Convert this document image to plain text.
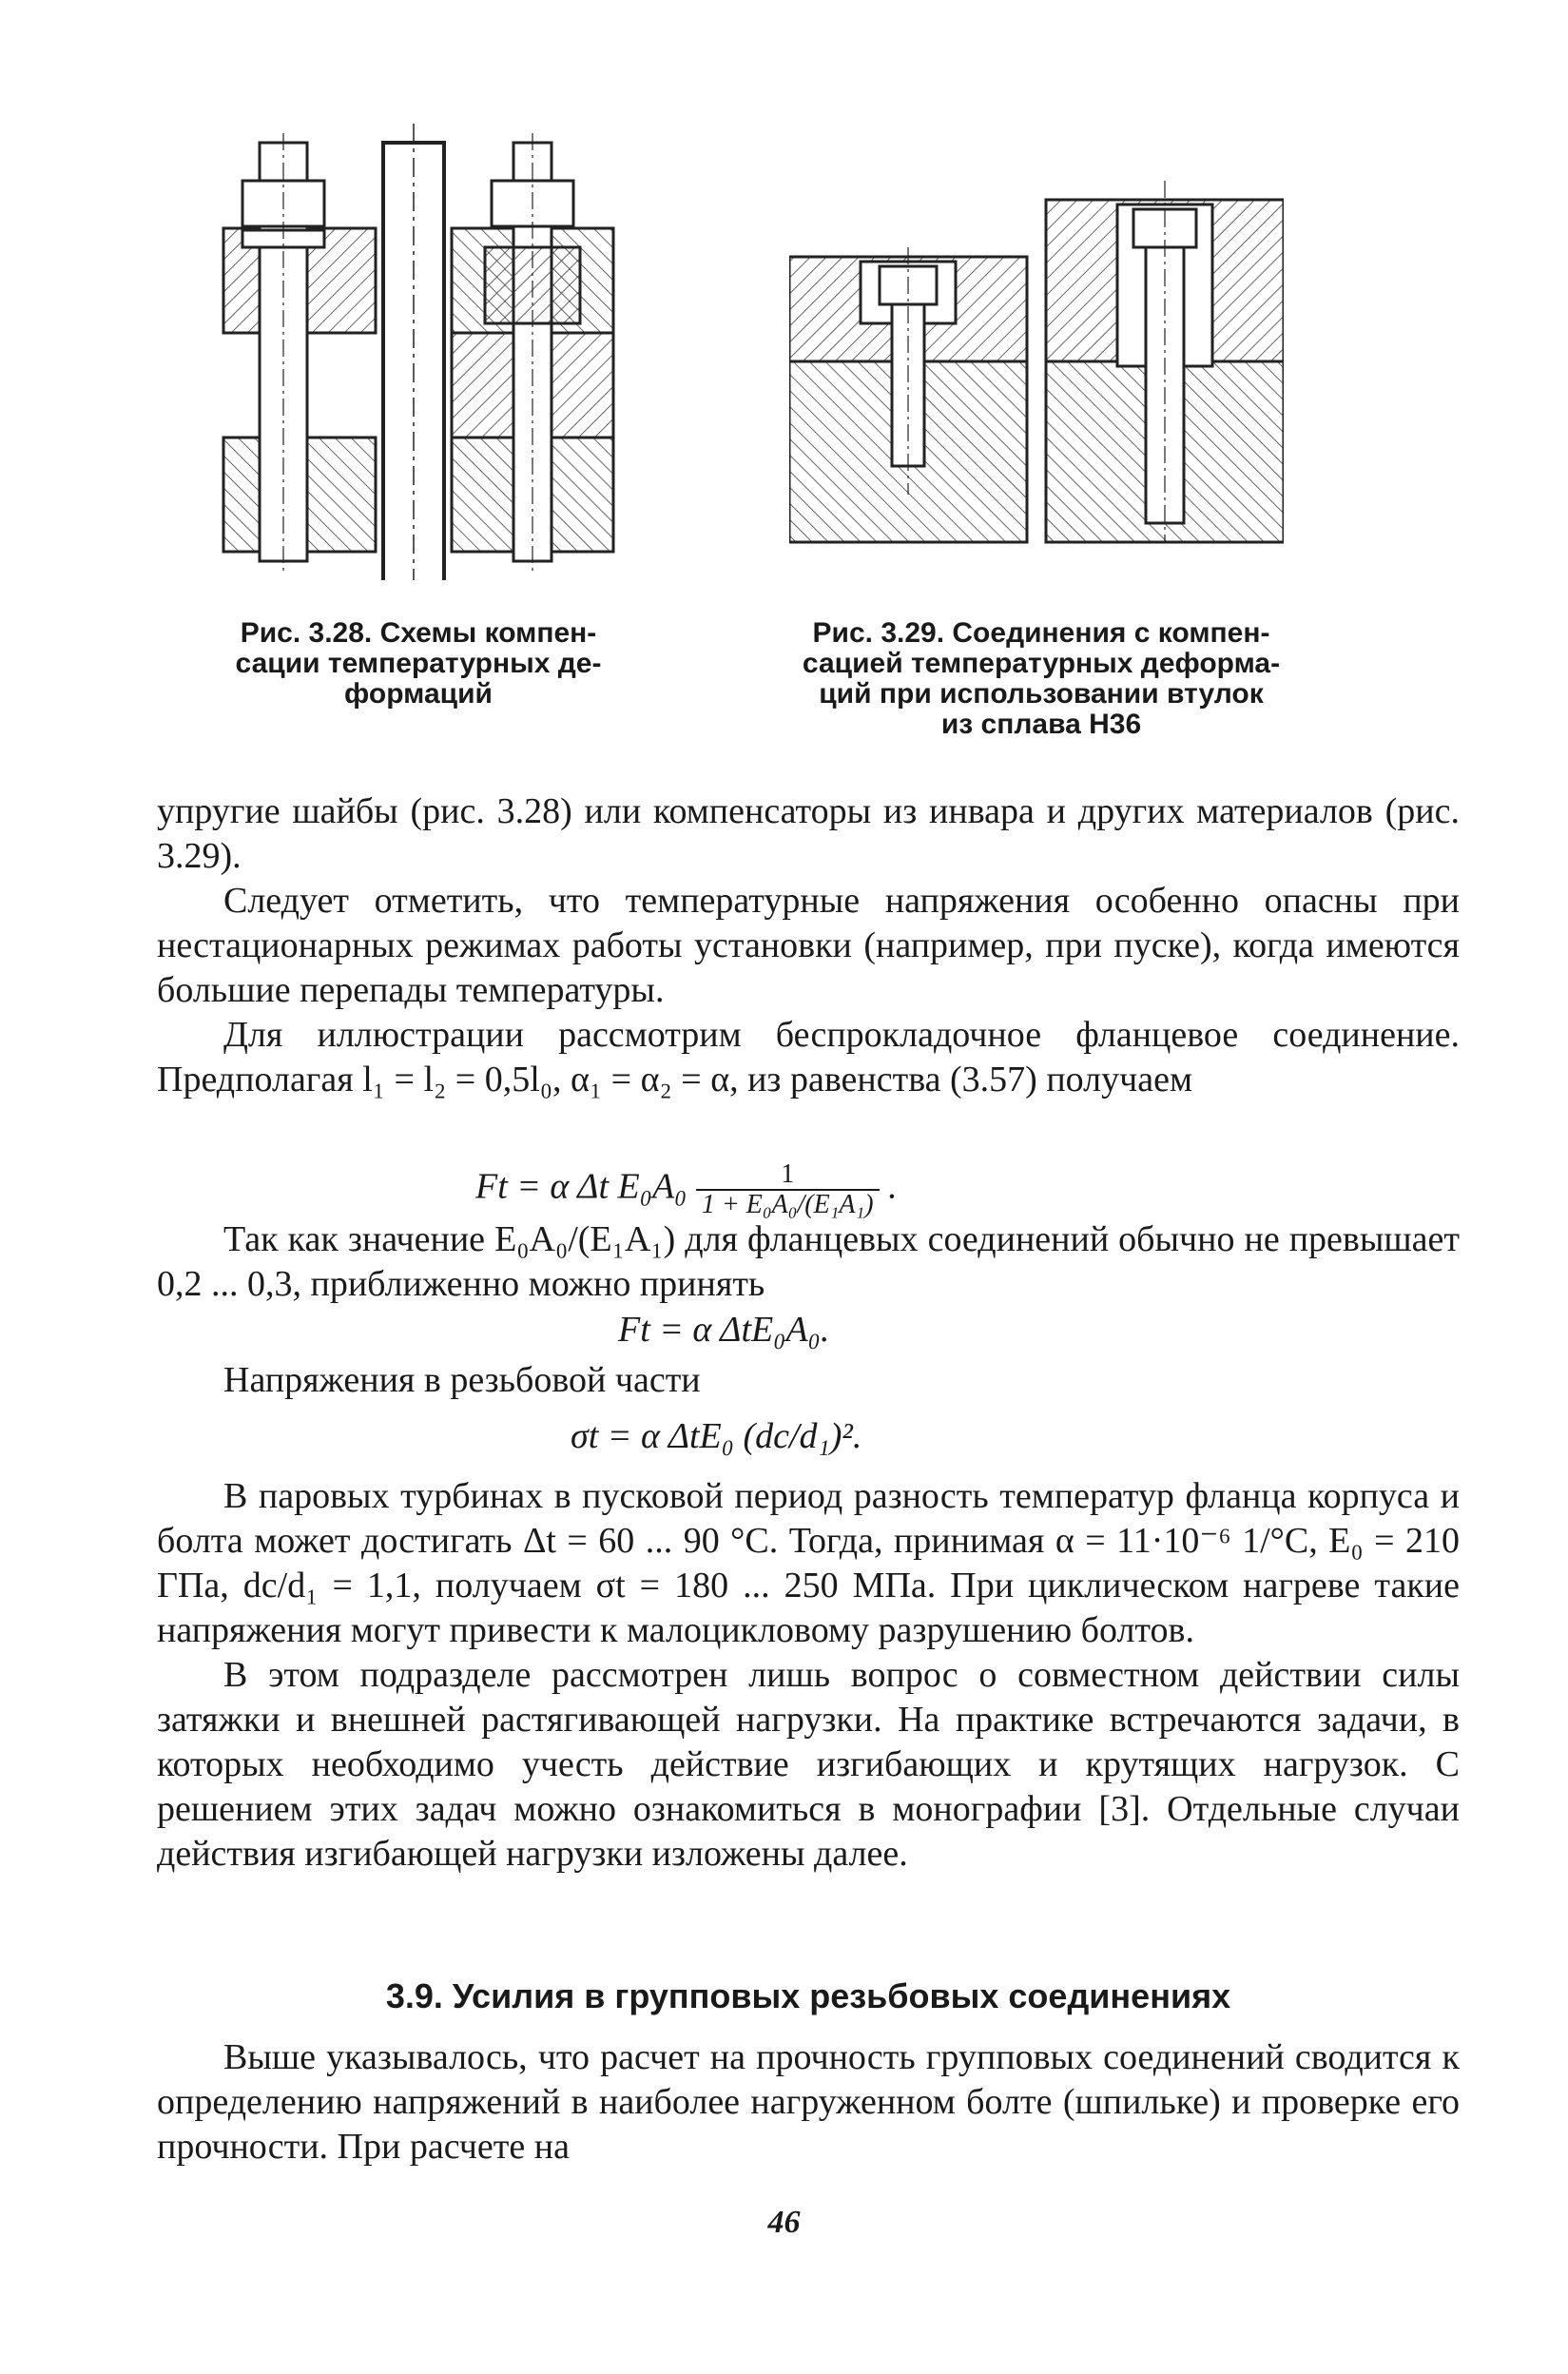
Рис. 3.28. Схемы компен-
сации температурных де-
формаций
Рис. 3.29. Соединения с компен-
сацией температурных деформа-
ций при использовании втулок
из сплава Н36

упругие шайбы (рис. 3.28) или компенсаторы из инвара и других материалов (рис. 3.29).

Следует отметить, что температурные напряжения особенно опасны при нестационарных режимах работы установки (например, при пуске), когда имеются большие перепады температуры.

Для иллюстрации рассмотрим беспрокладочное фланцевое соединение. Предполагая l₁ = l₂ = 0,5l₀, α₁ = α₂ = α, из равенства (3.57) получаем

Ft = α Δt $E_0A_0 \frac{1}{\text{1 + E₀A₀/(E₁A₁)}}$ .

Так как значение E₀A₀/(E₁A₁) для фланцевых соединений обычно не превышает 0,2 ... 0,3, приближенно можно принять

Ft = α ΔtE₀A₀.

Напряжения в резьбовой части

σt = α ΔtE₀ (dc/d₁)².

В паровых турбинах в пусковой период разность температур фланца корпуса и болта может достигать Δt = 60 ... 90 °С. Тогда, принимая α = 11·10⁻⁶ 1/°С, E₀ = 210 ГПа, dc/d₁ = 1,1, получаем σt = 180 ... 250 МПа. При циклическом нагреве такие напряжения могут привести к малоцикловому разрушению болтов.

В этом подразделе рассмотрен лишь вопрос о совместном действии силы затяжки и внешней растягивающей нагрузки. На практике встречаются задачи, в которых необходимо учесть действие изгибающих и крутящих нагрузок. С решением этих задач можно ознакомиться в монографии [3]. Отдельные случаи действия изгибающей нагрузки изложены далее.

3.9. Усилия в групповых резьбовых соединениях

Выше указывалось, что расчет на прочность групповых соединений сводится к определению напряжений в наиболее нагруженном болте (шпильке) и проверке его прочности. При расчете на

46
